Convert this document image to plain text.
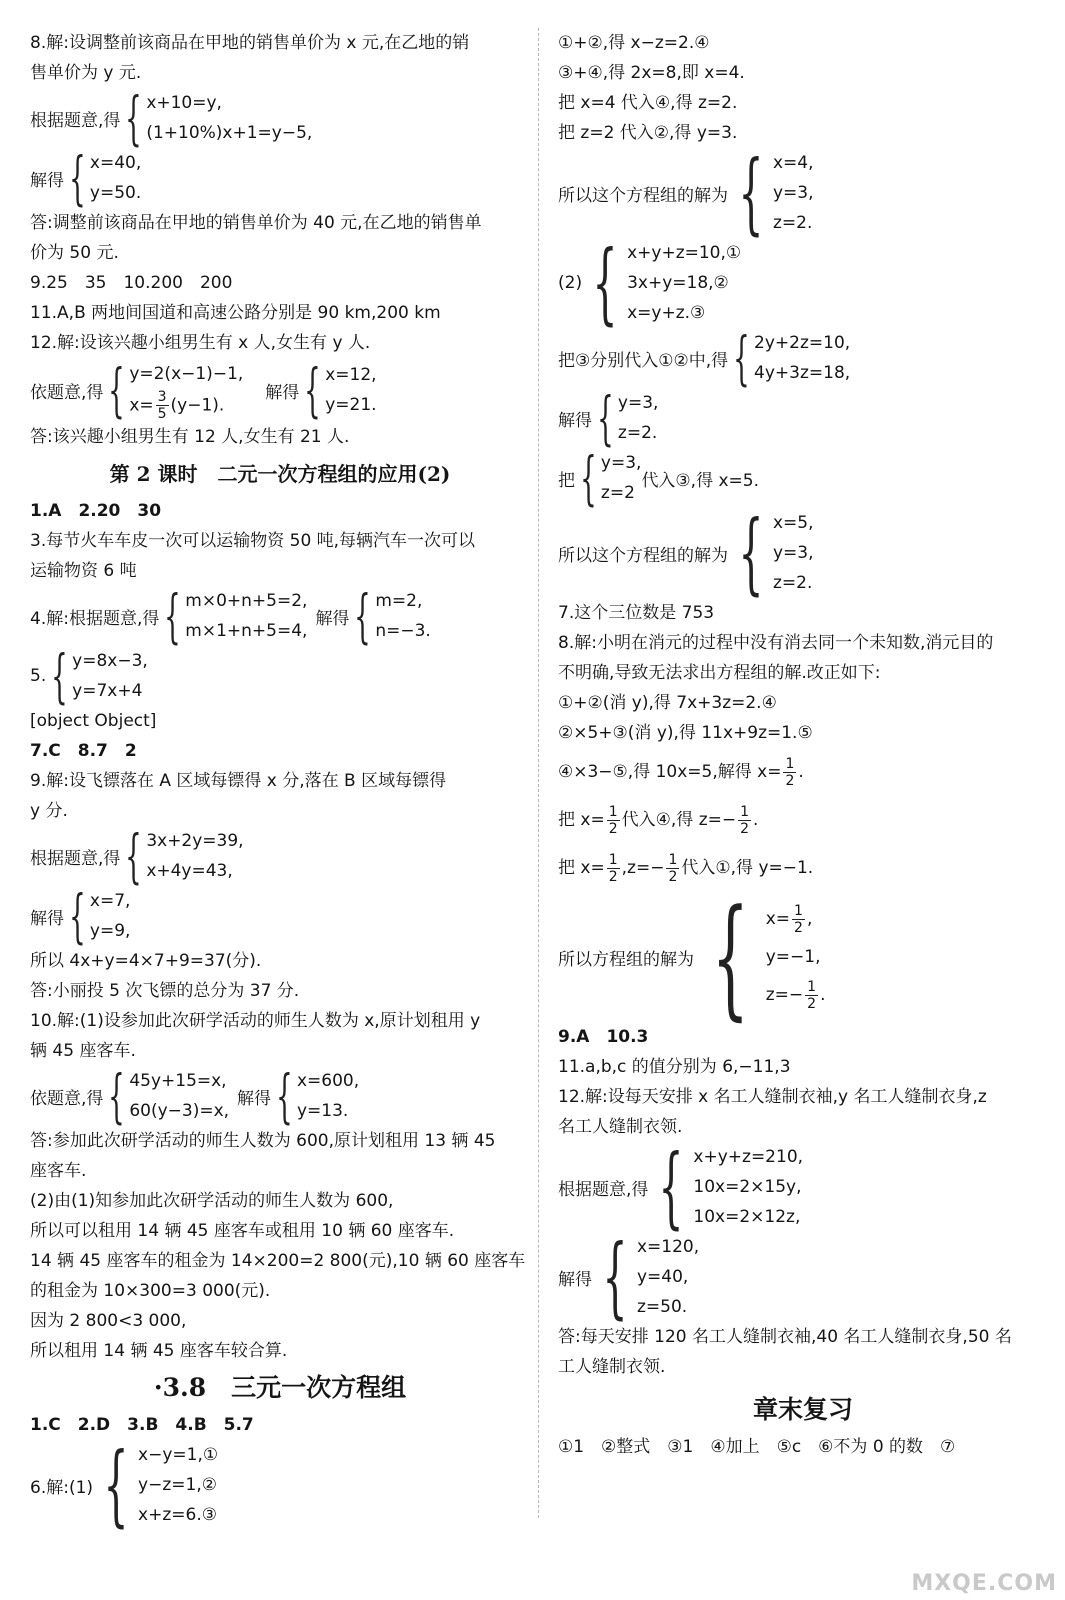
8.解:设调整前该商品在甲地的销售单价为 x 元,在乙地的销
售单价为 y 元.
根据题意,得 { x+10=y,
(1+10%)x+1=y−5,
解得 { x=40,
y=50.
答:调整前该商品在甲地的销售单价为 40 元,在乙地的销售单
价为 50 元.
9.25　35　10.200　200
11.A,B 两地间国道和高速公路分别是 90 km,200 km
12.解:设该兴趣小组男生有 x 人,女生有 y 人.
依题意,得 { y=2(x−1)−1,
$x= \frac{3}{5} (y-1)$.
解得 { x=12,
y=21.
答:该兴趣小组男生有 12 人,女生有 21 人.
第 2 课时　二元一次方程组的应用(2)
1.A　2.20　30
3.每节火车车皮一次可以运输物资 50 吨,每辆汽车一次可以
运输物资 6 吨
4.解:根据题意,得 { m×0+n+5=2,
m×1+n+5=4,
解得 { m=2,
n=−3.
5. { y=8x−3,
y=7x+4
[object Object]
7.C　8.7　2
9.解:设飞镖落在 A 区域每镖得 x 分,落在 B 区域每镖得
y 分.
根据题意,得 { 3x+2y=39,
x+4y=43,
解得 { x=7,
y=9,
所以 4x+y=4×7+9=37(分).
答:小丽投 5 次飞镖的总分为 37 分.
10.解:(1)设参加此次研学活动的师生人数为 x,原计划租用 y
辆 45 座客车.
依题意,得 { 45y+15=x,
60(y−3)=x,
解得 { x=600,
y=13.
答:参加此次研学活动的师生人数为 600,原计划租用 13 辆 45
座客车.
(2)由(1)知参加此次研学活动的师生人数为 600,
所以可以租用 14 辆 45 座客车或租用 10 辆 60 座客车.
14 辆 45 座客车的租金为 14×200=2 800(元),10 辆 60 座客车
的租金为 10×300=3 000(元).
因为 2 800<3 000,
所以租用 14 辆 45 座客车较合算.
·3.8　三元一次方程组
1.C　2.D　3.B　4.B　5.7
6.解:(1) { x−y=1,①
y−z=1,②
x+z=6.③
①+②,得 x−z=2.④
③+④,得 2x=8,即 x=4.
把 x=4 代入④,得 z=2.
把 z=2 代入②,得 y=3.
所以这个方程组的解为 { x=4,
y=3,
z=2.
(2) { x+y+z=10,①
3x+y=18,②
x=y+z.③
把③分别代入①②中,得 { 2y+2z=10,
4y+3z=18,
解得 { y=3,
z=2.
把 { y=3,
z=2
代入③,得 x=5.
所以这个方程组的解为 { x=5,
y=3,
z=2.
7.这个三位数是 753
8.解:小明在消元的过程中没有消去同一个未知数,消元目的
不明确,导致无法求出方程组的解.改正如下:
①+②(消 y),得 7x+3z=2.④
②×5+③(消 y),得 11x+9z=1.⑤
④×3−⑤,得 10x=5,解得 $x= \frac{1}{2}$ .
把 $x= \frac{1}{2}$ 代入④,得 $z=- \frac{1}{2}$ .
把 $x= \frac{1}{2} ,z=- \frac{1}{2}$ 代入①,得 y=−1.
所以方程组的解为 { $x= \frac{1}{2}$ ,
y=−1,
$z=- \frac{1}{2}$ .
9.A　10.3
11.a,b,c 的值分别为 6,−11,3
12.解:设每天安排 x 名工人缝制衣袖,y 名工人缝制衣身,z
名工人缝制衣领.
根据题意,得 { x+y+z=210,
10x=2×15y,
10x=2×12z,
解得 { x=120,
y=40,
z=50.
答:每天安排 120 名工人缝制衣袖,40 名工人缝制衣身,50 名
工人缝制衣领.
章末复习
①1　②整式　③1　④加上　⑤c　⑥不为 0 的数　⑦
MXQE.COM
